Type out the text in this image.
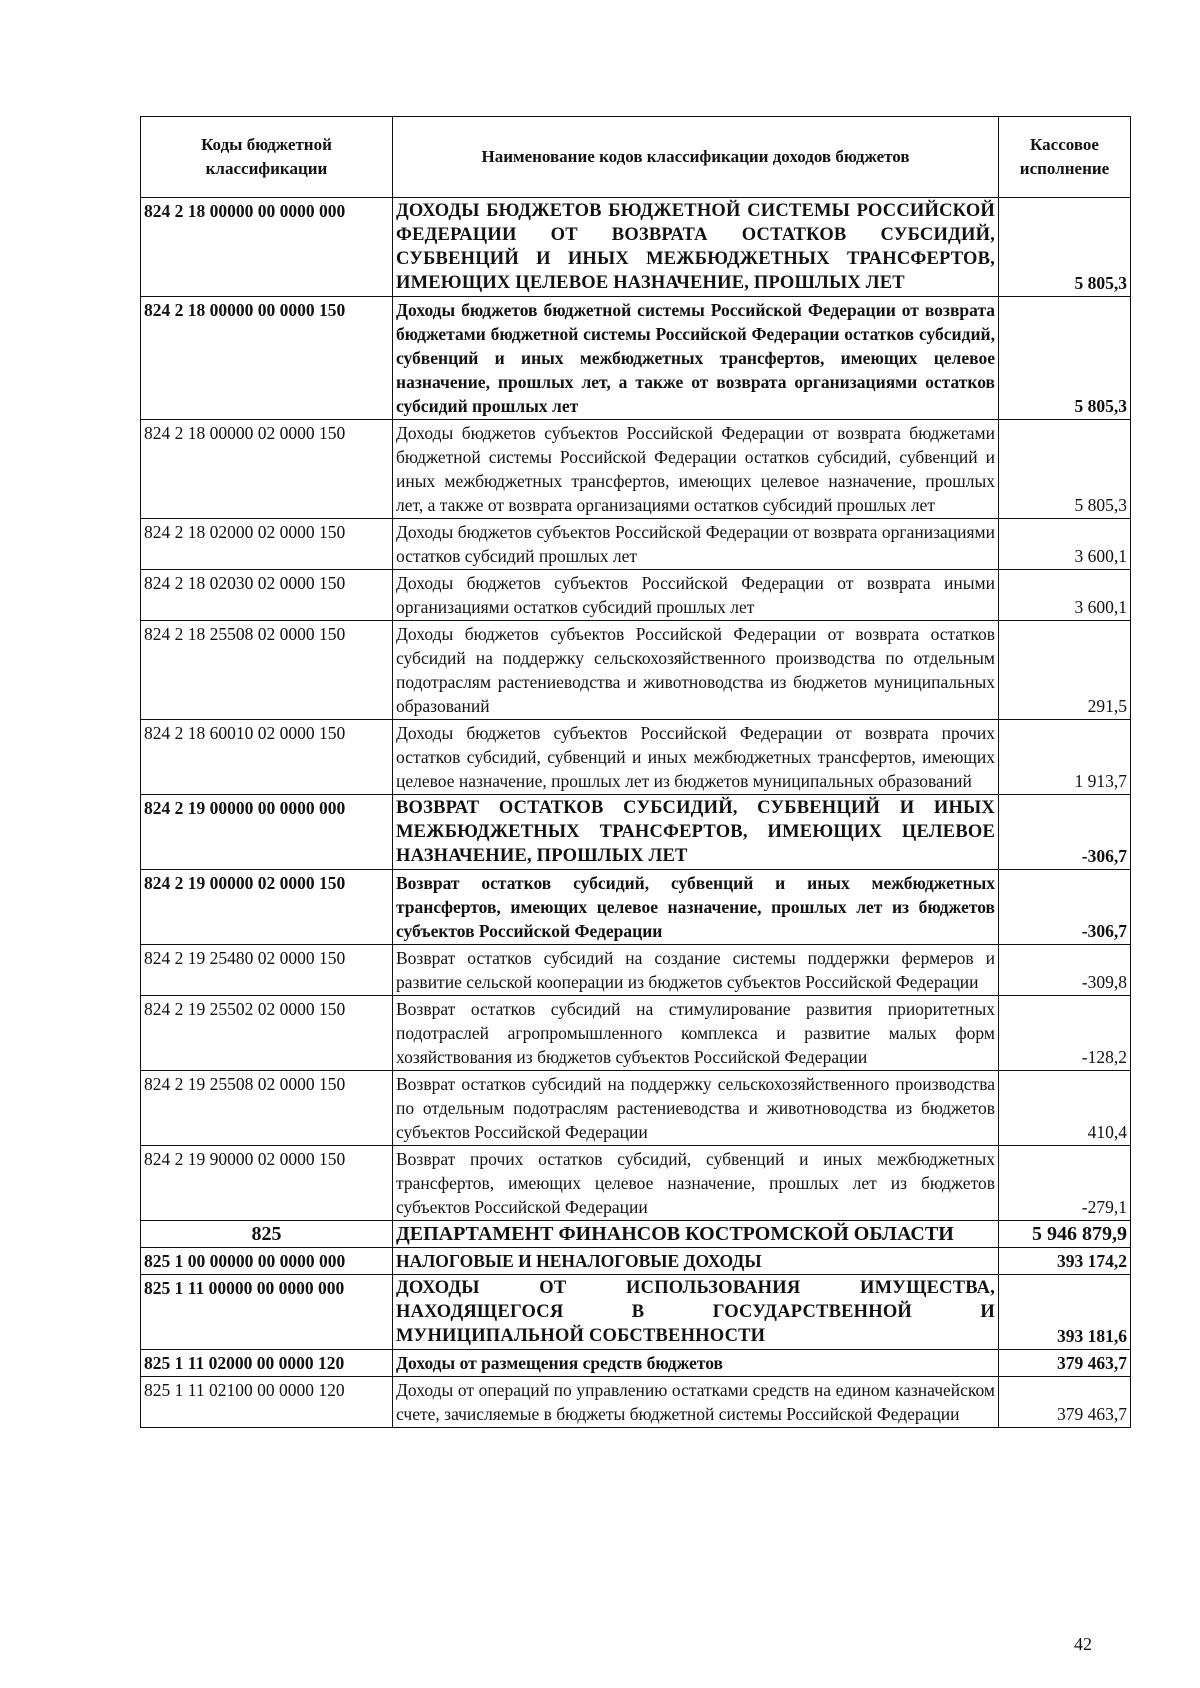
Коды бюджетной классификации	Наименование кодов классификации доходов бюджетов	Кассовое исполнение
824 2 18 00000 00 0000 000	ДОХОДЫ БЮДЖЕТОВ БЮДЖЕТНОЙ СИСТЕМЫ РОССИЙСКОЙ ФЕДЕРАЦИИ ОТ ВОЗВРАТА ОСТАТКОВ СУБСИДИЙ, СУБВЕНЦИЙ И ИНЫХ МЕЖБЮДЖЕТНЫХ ТРАНСФЕРТОВ, ИМЕЮЩИХ ЦЕЛЕВОЕ НАЗНАЧЕНИЕ, ПРОШЛЫХ ЛЕТ	5 805,3
824 2 18 00000 00 0000 150	Доходы бюджетов бюджетной системы Российской Федерации от возврата бюджетами бюджетной системы Российской Федерации остатков субсидий, субвенций и иных межбюджетных трансфертов, имеющих целевое назначение, прошлых лет, а также от возврата организациями остатков субсидий прошлых лет	5 805,3
824 2 18 00000 02 0000 150	Доходы бюджетов субъектов Российской Федерации от возврата бюджетами бюджетной системы Российской Федерации остатков субсидий, субвенций и иных межбюджетных трансфертов, имеющих целевое назначение, прошлых лет, а также от возврата организациями остатков субсидий прошлых лет	5 805,3
824 2 18 02000 02 0000 150	Доходы бюджетов субъектов Российской Федерации от возврата организациями остатков субсидий прошлых лет	3 600,1
824 2 18 02030 02 0000 150	Доходы бюджетов субъектов Российской Федерации от возврата иными организациями остатков субсидий прошлых лет	3 600,1
824 2 18 25508 02 0000 150	Доходы бюджетов субъектов Российской Федерации от возврата остатков субсидий на поддержку сельскохозяйственного производства по отдельным подотраслям растениеводства и животноводства из бюджетов муниципальных образований	291,5
824 2 18 60010 02 0000 150	Доходы бюджетов субъектов Российской Федерации от возврата прочих остатков субсидий, субвенций и иных межбюджетных трансфертов, имеющих целевое назначение, прошлых лет из бюджетов муниципальных образований	1 913,7
824 2 19 00000 00 0000 000	ВОЗВРАТ ОСТАТКОВ СУБСИДИЙ, СУБВЕНЦИЙ И ИНЫХ МЕЖБЮДЖЕТНЫХ ТРАНСФЕРТОВ, ИМЕЮЩИХ ЦЕЛЕВОЕ НАЗНАЧЕНИЕ, ПРОШЛЫХ ЛЕТ	-306,7
824 2 19 00000 02 0000 150	Возврат остатков субсидий, субвенций и иных межбюджетных трансфертов, имеющих целевое назначение, прошлых лет из бюджетов субъектов Российской Федерации	-306,7
824 2 19 25480 02 0000 150	Возврат остатков субсидий на создание системы поддержки фермеров и развитие сельской кооперации из бюджетов субъектов Российской Федерации	-309,8
824 2 19 25502 02 0000 150	Возврат остатков субсидий на стимулирование развития приоритетных подотраслей агропромышленного комплекса и развитие малых форм хозяйствования из бюджетов субъектов Российской Федерации	-128,2
824 2 19 25508 02 0000 150	Возврат остатков субсидий на поддержку сельскохозяйственного производства по отдельным подотраслям растениеводства и животноводства из бюджетов субъектов Российской Федерации	410,4
824 2 19 90000 02 0000 150	Возврат прочих остатков субсидий, субвенций и иных межбюджетных трансфертов, имеющих целевое назначение, прошлых лет из бюджетов субъектов Российской Федерации	-279,1
825	ДЕПАРТАМЕНТ ФИНАНСОВ КОСТРОМСКОЙ ОБЛАСТИ	5 946 879,9
825 1 00 00000 00 0000 000	НАЛОГОВЫЕ И НЕНАЛОГОВЫЕ ДОХОДЫ	393 174,2
825 1 11 00000 00 0000 000	ДОХОДЫ ОТ ИСПОЛЬЗОВАНИЯ ИМУЩЕСТВА, НАХОДЯЩЕГОСЯ В ГОСУДАРСТВЕННОЙ И МУНИЦИПАЛЬНОЙ СОБСТВЕННОСТИ	393 181,6
825 1 11 02000 00 0000 120	Доходы от размещения средств бюджетов	379 463,7
825 1 11 02100 00 0000 120	Доходы от операций по управлению остатками средств на едином казначейском счете, зачисляемые в бюджеты бюджетной системы Российской Федерации	379 463,7
42
